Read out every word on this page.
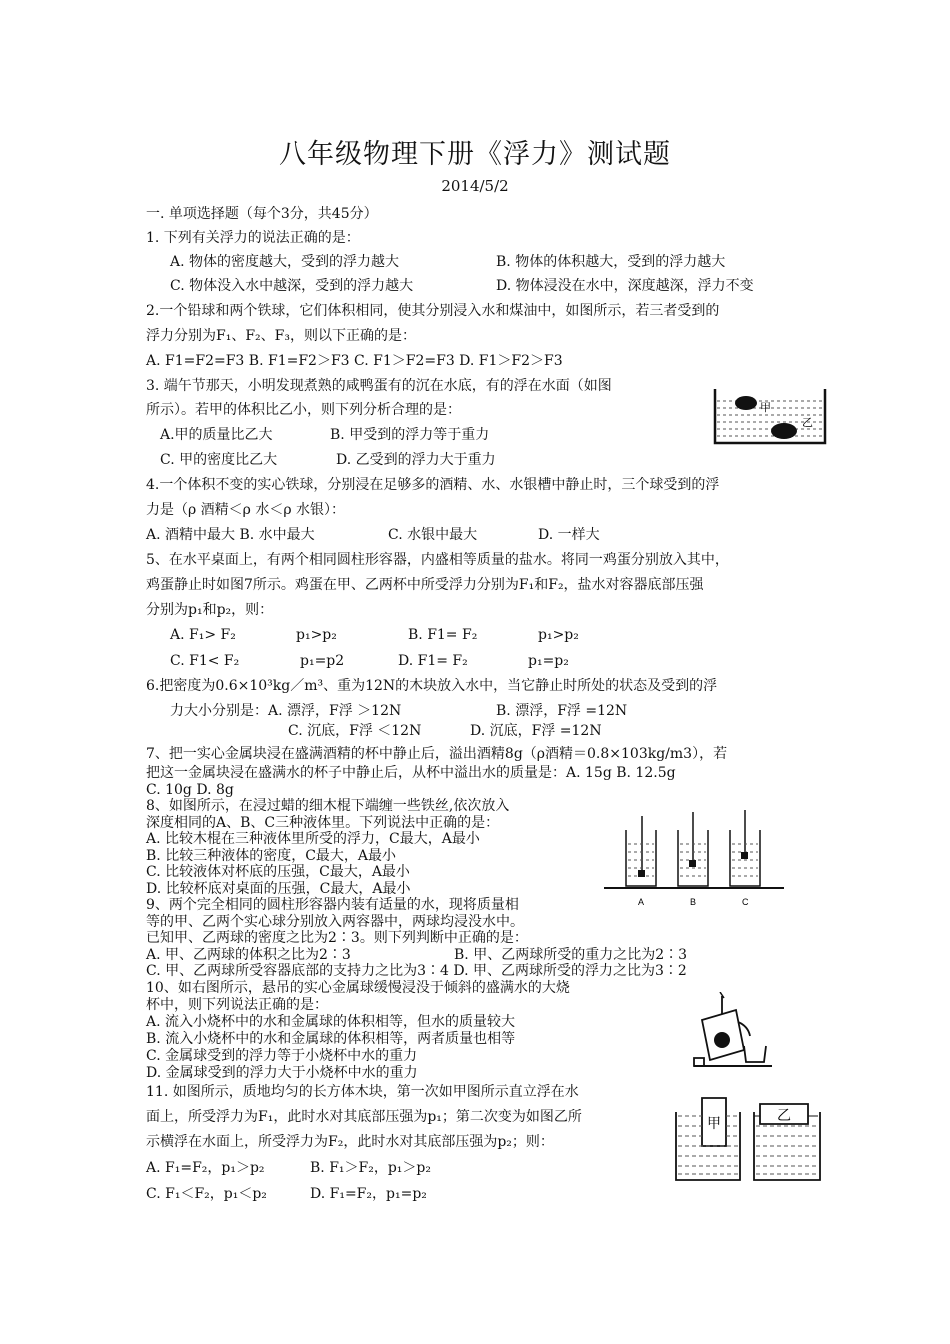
八年级物理下册《浮力》测试题
2014/5/2
一. 单项选择题（每个3分，共45分）
1. 下列有关浮力的说法正确的是：
A. 物体的密度越大，受到的浮力越大	B. 物体的体积越大，受到的浮力越大
C. 物体没入水中越深，受到的浮力越大	D. 物体浸没在水中，深度越深，浮力不变
2.一个铅球和两个铁球，它们体积相同，使其分别浸入水和煤油中，如图所示，若三者受到的
浮力分别为F₁、F₂、F₃，则以下正确的是：
A. F1=F2=F3 B. F1=F2＞F3 C. F1＞F2=F3 D. F1＞F2＞F3
3. 端午节那天，小明发现煮熟的咸鸭蛋有的沉在水底，有的浮在水面（如图
所示）。若甲的体积比乙小，则下列分析合理的是：
A.甲的质量比乙大	B. 甲受到的浮力等于重力
C. 甲的密度比乙大	D. 乙受到的浮力大于重力
4.一个体积不变的实心铁球，分别浸在足够多的酒精、水、水银槽中静止时，三个球受到的浮
力是（ρ 酒精＜ρ 水＜ρ 水银）：
A. 酒精中最大 B. 水中最大	C. 水银中最大	D. 一样大
5、在水平桌面上，有两个相同圆柱形容器，内盛相等质量的盐水。将同一鸡蛋分别放入其中，
鸡蛋静止时如图7所示。鸡蛋在甲、乙两杯中所受浮力分别为F₁和F₂，盐水对容器底部压强
分别为p₁和p₂，则：
A. F₁> F₂	p₁>p₂	B. F1= F₂	p₁>p₂
C. F1< F₂	p₁=p2	D. F1= F₂	p₁=p₂
6.把密度为0.6×10³kg／m³、重为12N的木块放入水中，当它静止时所处的状态及受到的浮
力大小分别是：A. 漂浮，F浮 ＞12N	B. 漂浮，F浮 =12N
C. 沉底，F浮 ＜12N	D. 沉底，F浮 =12N
7、把一实心金属块浸在盛满酒精的杯中静止后，溢出酒精8g（ρ酒精＝0.8×103kg/m3），若
把这一金属块浸在盛满水的杯子中静止后，从杯中溢出水的质量是：A. 15g B. 12.5g
C. 10g D. 8g
8、如图所示，在浸过蜡的细木棍下端缠一些铁丝,依次放入
深度相同的A、B、C三种液体里。下列说法中正确的是：
A. 比较木棍在三种液体里所受的浮力，C最大，A最小
B. 比较三种液体的密度，C最大，A最小
C. 比较液体对杯底的压强，C最大，A最小
D. 比较杯底对桌面的压强，C最大，A最小
9、两个完全相同的圆柱形容器内装有适量的水，现将质量相
等的甲、乙两个实心球分别放入两容器中，两球均浸没水中。
已知甲、乙两球的密度之比为2∶3。则下列判断中正确的是：
A. 甲、乙两球的体积之比为2∶3	B. 甲、乙两球所受的重力之比为2∶3
C. 甲、乙两球所受容器底部的支持力之比为3∶4 D. 甲、乙两球所受的浮力之比为3∶2
10、如右图所示，悬吊的实心金属球缓慢浸没于倾斜的盛满水的大烧
杯中，则下列说法正确的是：
A. 流入小烧杯中的水和金属球的体积相等，但水的质量较大
B. 流入小烧杯中的水和金属球的体积相等，两者质量也相等
C. 金属球受到的浮力等于小烧杯中水的重力
D. 金属球受到的浮力大于小烧杯中水的重力
11. 如图所示，质地均匀的长方体木块，第一次如甲图所示直立浮在水
面上，所受浮力为F₁，此时水对其底部压强为p₁；第二次变为如图乙所
示横浮在水面上，所受浮力为F₂，此时水对其底部压强为p₂；则：
A. F₁=F₂，p₁＞p₂	B. F₁＞F₂，p₁＞p₂
C. F₁＜F₂，p₁＜p₂	D. F₁=F₂，p₁=p₂
甲
乙
A	B	C
甲
乙
